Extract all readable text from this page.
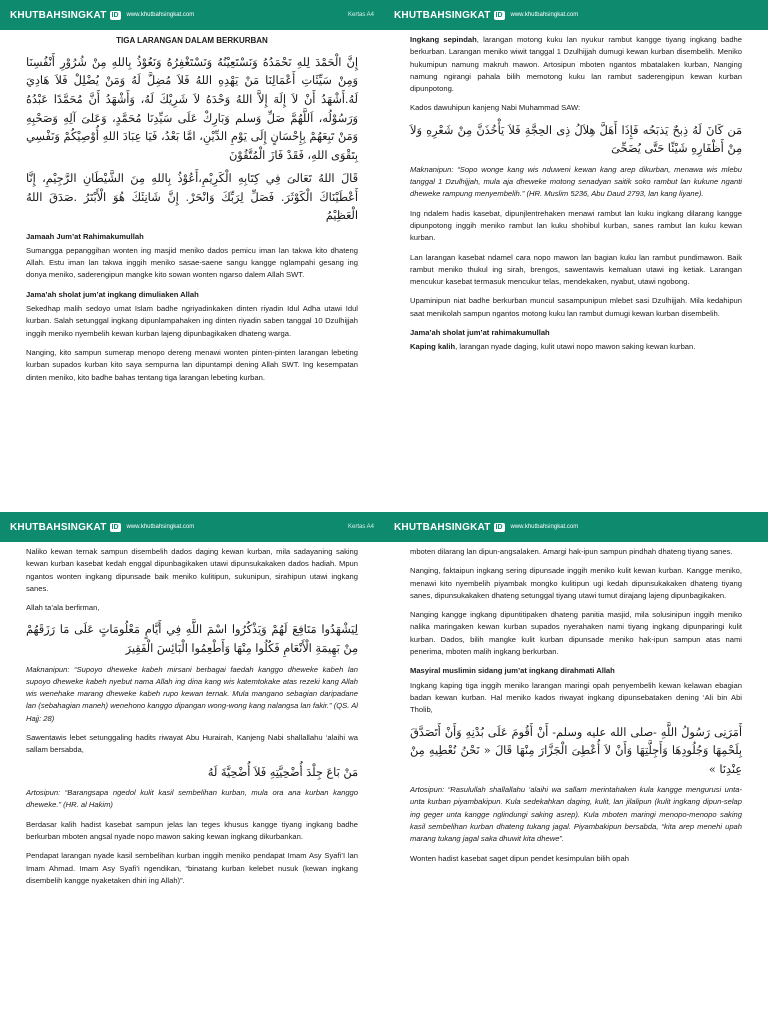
KHUTBAHSINGKAT ID	www.khutbahsingkat.com	Kertas A4
TIGA LARANGAN DALAM BERKURBAN
إِنَّ الْحَمْدَ لِلهِ نَحْمَدُهُ وَنَسْتَعِيْنُهُ وَنَسْتَغْفِرُهُ وَنَعُوْذُ بِاللهِ مِنْ شُرُوْرِ أَنْفُسِنَا وَمِنْ سَيِّئَاتِ أَعْمَالِنَا مَنْ يَهْدِهِ اللهُ فَلاَ مُضِلَّ لَهُ وَمَنْ يُضْلِلْ فَلاَ هَادِيَ لَهُ.أَشْهَدُ أَنْ لاَ إِلَهَ إِلاَّ اللهُ وَحْدَهُ لاَ شَرِيْكَ لَهُ، وَأَشْهَدُ أَنَّ مُحَمَّدًا عَبْدُهُ وَرَسُوْلُه، اَللَّهُمَّ صَلِّ وَسلم وَبَارِكْ عَلَى سَيِّدِنَا مُحَمَّدٍ، وَعَلىَ آلِهِ وَصَحْبِهِ وَمَنْ تَبِعَهُمْ بِإِحْسَانٍ إِلَى يَوْمِ الدِّيْنِ، امَّا بَعْدُ، فَيَا عِبَادَ اللهِ أُوْصِيْكُمْ وَنَفْسِي بِتَقْوَى اللهِ، فَقَدْ فَازَ الْمُتَّقُوْنَ
قَالَ اللهُ تَعَالىَ فِي كِتَابِهِ الْكَرِيْمِ،أَعُوْذُ بِاللهِ مِنَ الشَّيْطَانِ الرَّجِيْمِ، إِنَّا أَعْطَيْنَاكَ الْكَوْثَرَ. فَصَلِّ لِرَبِّكَ وَانْحَرْ. إِنَّ شَانِئَكَ هُوَ الْأَبْتَرُ .صَدَقَ اللهُ الْعَظِيْمُ
Jamaah Jum’at Rahimakumullah
Sumangga pepanggihan wonten ing masjid meniko dados pemicu iman lan takwa kito dhateng Allah. Estu iman lan takwa inggih meniko sasae-saene sangu kangge nglampahi gesang ing donya meniko, saderengipun mangke kito sowan wonten ngarso dalem Allah SWT.
Jama’ah sholat jum’at ingkang dimuliaken Allah
Sekedhap malih sedoyo umat Islam badhe ngriyadinkaken dinten riyadin Idul Adha utawi Idul kurban. Salah setunggal ingkang dipunlampahaken ing dinten riyadin saben tanggal 10 Dzulhijjah inggih meniko nyembelih kewan kurban lajeng dipunbagikaken dhateng warga.
Nanging, kito sampun sumerap menopo dereng menawi wonten pinten-pinten larangan lebeting kurban supados kurban kito saya sempurna lan dipuntampi dening Allah SWT. Ing kesempatan dinten meniko, kito badhe bahas tentang tiga larangan lebeting kurban.
KHUTBAHSINGKAT ID	www.khutbahsingkat.com
Ingkang sepindah, larangan motong kuku lan nyukur rambut kangge tiyang ingkang badhe berkurban. Larangan meniko wiwit tanggal 1 Dzulhijjah dumugi kewan kurban disembelih. Meniko hukumipun namung makruh mawon. Artosipun mboten ngantos mbatalaken kurban, Nanging namung ngirangi pahala bilih memotong kuku lan rambut saderengipun kewan kurban dipunpotong.
Kados dawuhipun kanjeng Nabi Muhammad SAW:
مَن كَانَ لَهُ ذِبحٌ يَذبَحُه فَإِذَا أَهَلَّ هِلاَلُ ذِى الحِجَّةِ فَلاَ يَأْخُذَنَّ مِنْ شَعْرِهِ وَلاَ مِنْ أَظْفَارِهِ شَيْئًا حَتَّى يُضَحِّىَ
Maknanipun: “Sopo wonge kang wis nduweni kewan kang arep dikurban, menawa wis mlebu tanggal 1 Dzulhijjah, mula aja dheweke motong senadyan saitik soko rambut lan kukune nganti dheweke rampung menyembelih.” (HR. Muslim 5236, Abu Daud 2793, lan kang liyane).
Ing ndalem hadis kasebat, dipunjlentrehaken menawi rambut lan kuku ingkang dilarang kangge dipunpotong inggih meniko rambut lan kuku shohibul kurban, sanes rambut lan kuku kewan kurban.
Lan larangan kasebat ndamel cara nopo mawon lan bagian kuku lan rambut pundimawon. Baik rambut meniko thukul ing sirah, brengos, sawentawis kemaluan utawi ing ketiak. Larangan mencukur kasebat termasuk mencukur telas, mendekaken, nyabut, utawi ngobong.
Upaminipun niat badhe berkurban muncul sasampunipun mlebet sasi Dzulhijjah. Mila kedahipun saat menikolah sampun ngantos motong kuku lan rambut dumugi kewan kurban disembelih.
Jama’ah sholat jum’at rahimakumullah
Kaping kalih, larangan nyade daging, kulit utawi nopo mawon saking kewan kurban.
KHUTBAHSINGKAT ID	www.khutbahsingkat.com	Kertas A4
Naliko kewan ternak sampun disembelih dados daging kewan kurban, mila sadayaning saking kewan kurban kasebat kedah enggal dipunbagikaken utawi dipunsukakaken dados hadiah. Mpun ngantos wonten ingkang dipunsade baik meniko kulitipun, sukunipun, sirahipun utawi ingkang sanes.
Allah ta’ala berfirman,
لِيَشْهَدُوا مَنَافِعَ لَهُمْ وَيَذْكُرُوا اسْمَ اللَّهِ فِي أَيَّامٍ مَعْلُومَاتٍ عَلَى مَا رَزَقَهُمْ مِنْ بَهِيمَةِ الْأَنْعَامِ فَكُلُوا مِنْهَا وَأَطْعِمُوا الْبَائِسَ الْفَقِيرَ
Maknanipun: “Supoyo dheweke kabeh mirsani berbagai faedah kanggo dheweke kabeh lan supoyo dheweke kabeh nyebut nama Allah ing dina kang wis katemtokake atas rezeki kang Allah wis wenehake marang dheweke kabeh rupo kewan ternak. Mula mangano sebagian daripadane lan (sebahagian maneh) wenehono kanggo dipangan wong-wong kang nalangsa lan fakir.” (QS. Al Hajj: 28)
Sawentawis lebet setunggaling hadits riwayat Abu Hurairah, Kanjeng Nabi shallallahu ‘alaihi wa sallam bersabda,
مَنْ بَاعَ جِلْدَ أُضْحِيَّتِهِ فَلاَ أُضْحِيَّةَ لَهُ
Artosipun: “Barangsapa ngedol kulit kasil sembelihan kurban, mula ora ana kurban kanggo dheweke.” (HR. al Hakim)
Berdasar kalih hadist kasebat sampun jelas lan teges khusus kangge tiyang ingkang badhe berkurban mboten angsal nyade nopo mawon saking kewan ingkang dikurbankan.
Pendapat larangan nyade kasil sembelihan kurban inggih meniko pendapat Imam Asy Syafi’I lan Imam Ahmad. Imam Asy Syafi’i ngendikan, “binatang kurban kelebet nusuk (kewan ingkang disembelih kangge nyaketaken dhiri ing Allah)”.
KHUTBAHSINGKAT ID	www.khutbahsingkat.com
mboten dilarang lan dipun-angsalaken. Amargi hak-ipun sampun pindhah dhateng tiyang sanes.
Nanging, faktaipun ingkang sering dipunsade inggih meniko kulit kewan kurban. Kangge meniko, menawi kito nyembelih piyambak mongko kulitipun ugi kedah dipunsukakaken dhateng tiyang sanes, dipunsukakaken dhateng setunggal tiyang utawi tumut dirajang lajeng dipunbagikaken.
Nanging kangge ingkang dipuntitipaken dhateng panitia masjid, mila solusinipun inggih meniko nalika maringaken kewan kurban supados nyerahaken nami tiyang ingkang dipunparingi kulit kurban. Dados, bilih mangke kulit kurban dipunsade meniko hak-ipun sampun atas nami penerima, mboten malih ingkang berkurban.
Masyiral muslimin sidang jum’at ingkang dirahmati Allah
Ingkang kaping tiga inggih meniko larangan maringi opah penyembelih kewan kelawan ebagian badan kewan kurban. Hal meniko kados riwayat ingkang dipunsebataken dening ‘Ali bin Abi Tholib,
أَمَرَنِى رَسُولُ اللَّهِ -صلى الله عليه وسلم- أَنْ أَقُومَ عَلَى بُدْنِهِ وَأَنْ أَتَصَدَّقَ بِلَحْمِهَا وَجُلُودِهَا وَأَجِلَّتِهَا وَأَنْ لاَ أُعْطِىَ الْجَزَّارَ مِنْهَا قَالَ « نَحْنُ نُعْطِيهِ مِنْ عِنْدِنَا »
Artosipun: “Rasulullah shallallahu ‘alaihi wa sallam merintahaken kula kangge mengurusi unta-unta kurban piyambakipun. Kula sedekahkan daging, kulit, lan jilalipun (kulit ingkang dipun-selap ing geger unta kangge nglindungi saking asrep). Kula mboten maringi menopo-menopo saking kasil sembelihan kurban dhateng tukang jagal. Piyambakipun bersabda, “kita arep menehi upah marang tukang jagal saka dhuwit kita dhewe”.
Wonten hadist kasebat saget dipun pendet kesimpulan bilih opah
